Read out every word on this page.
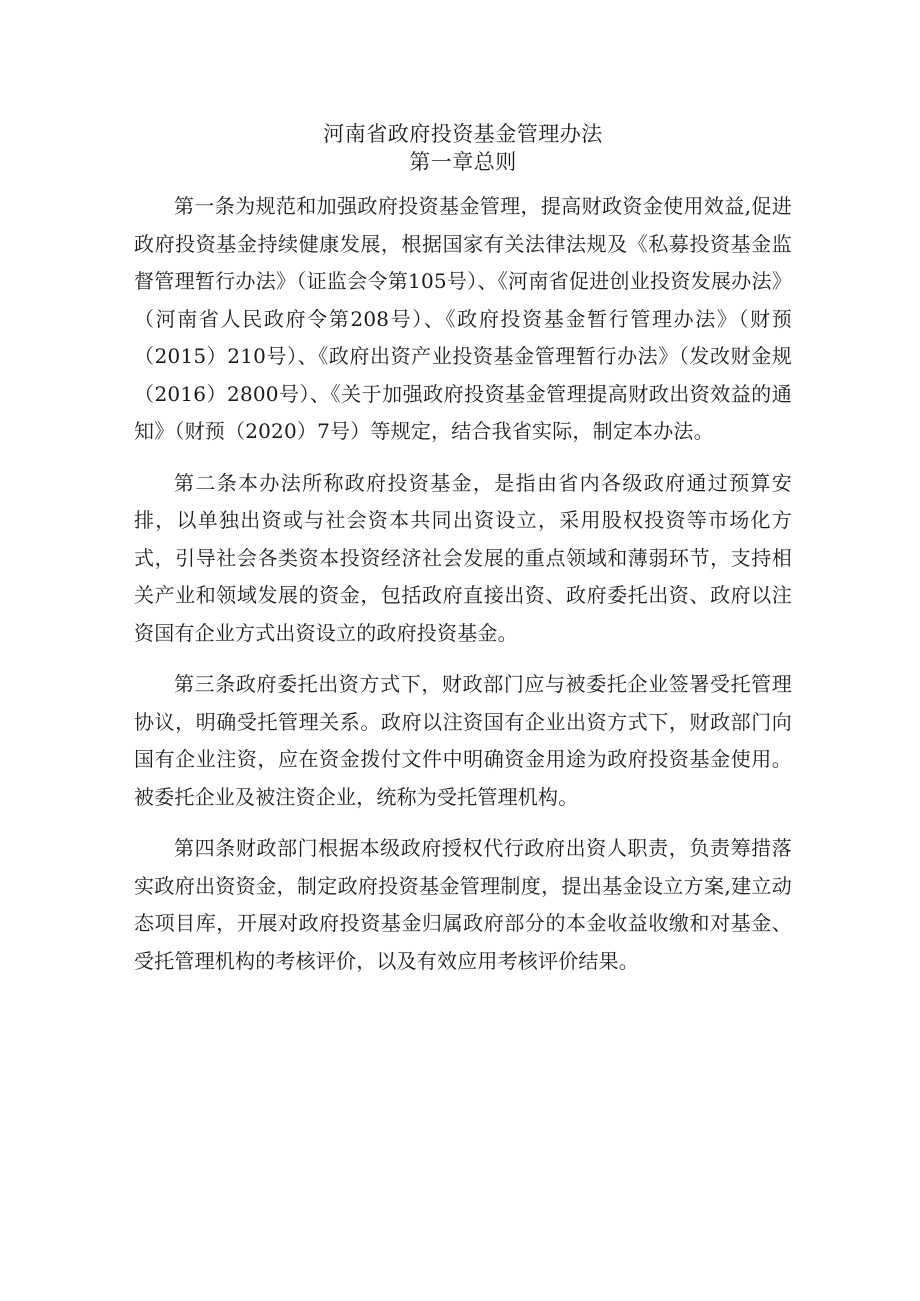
河南省政府投资基金管理办法
第一章总则

第一条为规范和加强政府投资基金管理，提高财政资金使用效益,促进政府投资基金持续健康发展，根据国家有关法律法规及《私募投资基金监督管理暂行办法》（证监会令第105号）、《河南省促进创业投资发展办法》（河南省人民政府令第208号）、《政府投资基金暂行管理办法》（财预（2015）210号）、《政府出资产业投资基金管理暂行办法》（发改财金规（2016）2800号）、《关于加强政府投资基金管理提高财政出资效益的通知》（财预（2020）7号）等规定，结合我省实际，制定本办法。

第二条本办法所称政府投资基金，是指由省内各级政府通过预算安排，以单独出资或与社会资本共同出资设立，采用股权投资等市场化方式，引导社会各类资本投资经济社会发展的重点领域和薄弱环节，支持相关产业和领域发展的资金，包括政府直接出资、政府委托出资、政府以注资国有企业方式出资设立的政府投资基金。

第三条政府委托出资方式下，财政部门应与被委托企业签署受托管理协议，明确受托管理关系。政府以注资国有企业出资方式下，财政部门向国有企业注资，应在资金拨付文件中明确资金用途为政府投资基金使用。被委托企业及被注资企业，统称为受托管理机构。

第四条财政部门根据本级政府授权代行政府出资人职责，负责筹措落实政府出资资金，制定政府投资基金管理制度，提出基金设立方案,建立动态项目库，开展对政府投资基金归属政府部分的本金收益收缴和对基金、受托管理机构的考核评价，以及有效应用考核评价结果。
